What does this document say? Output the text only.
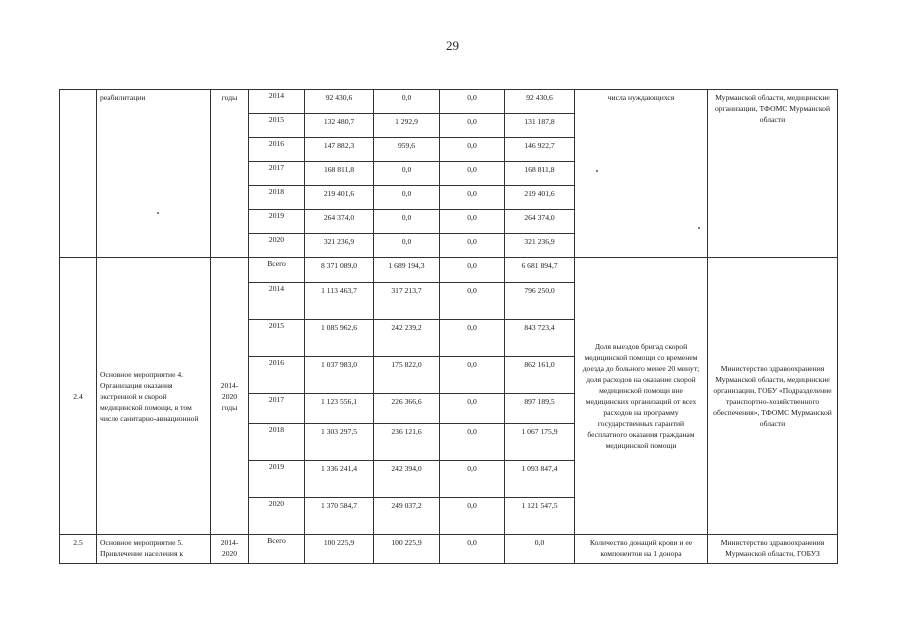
29
	реабилитации	годы	2014	92 430,6	0,0	0,0	92 430,6	числа нуждающихся	Мурманской области, медицинские организации, ТФОМС Мурманской области
			2015	132 480,7	1 292,9	0,0	131 187,8		
			2016	147 882,3	959,6	0,0	146 922,7		
			2017	168 811,8	0,0	0,0	168 811,8		
			2018	219 401,6	0,0	0,0	219 401,6		
			2019	264 374,0	0,0	0,0	264 374,0		
			2020	321 236,9	0,0	0,0	321 236,9		
2.4	Основное мероприятие 4. Организация оказания экстренной и скорой медицинской помощи, в том числе санитарно-авиационной	2014-2020 годы	Всего	8 371 089,0	1 689 194,3	0,0	6 681 894,7	Доля выездов бригад скорой медицинской помощи со временем доезда до больного менее 20 минут; доля расходов на оказание скорой медицинской помощи вне медицинских организаций от всех расходов на программу государственных гарантий бесплатного оказания гражданам медицинской помощи	Министерство здравоохранения Мурманской области, медицинские организации, ГОБУ «Подразделение транспортно-хозяйственного обеспечения», ТФОМС Мурманской области
			2014	1 113 463,7	317 213,7	0,0	796 250,0		
			2015	1 085 962,6	242 239,2	0,0	843 723,4		
			2016	1 037 983,0	175 822,0	0,0	862 161,0		
			2017	1 123 556,1	226 366,6	0,0	897 189,5		
			2018	1 303 297,5	236 121,6	0,0	1 067 175,9		
			2019	1 336 241,4	242 394,0	0,0	1 093 847,4		
			2020	1 370 584,7	249 037,2	0,0	1 121 547,5		
2.5	Основное мероприятие 5. Привлечение населения к	2014-2020	Всего	100 225,9	100 225,9	0,0	0,0	Количество донаций крови и ее компонентов на 1 донора	Министерство здравоохранения Мурманской области, ГОБУЗ
